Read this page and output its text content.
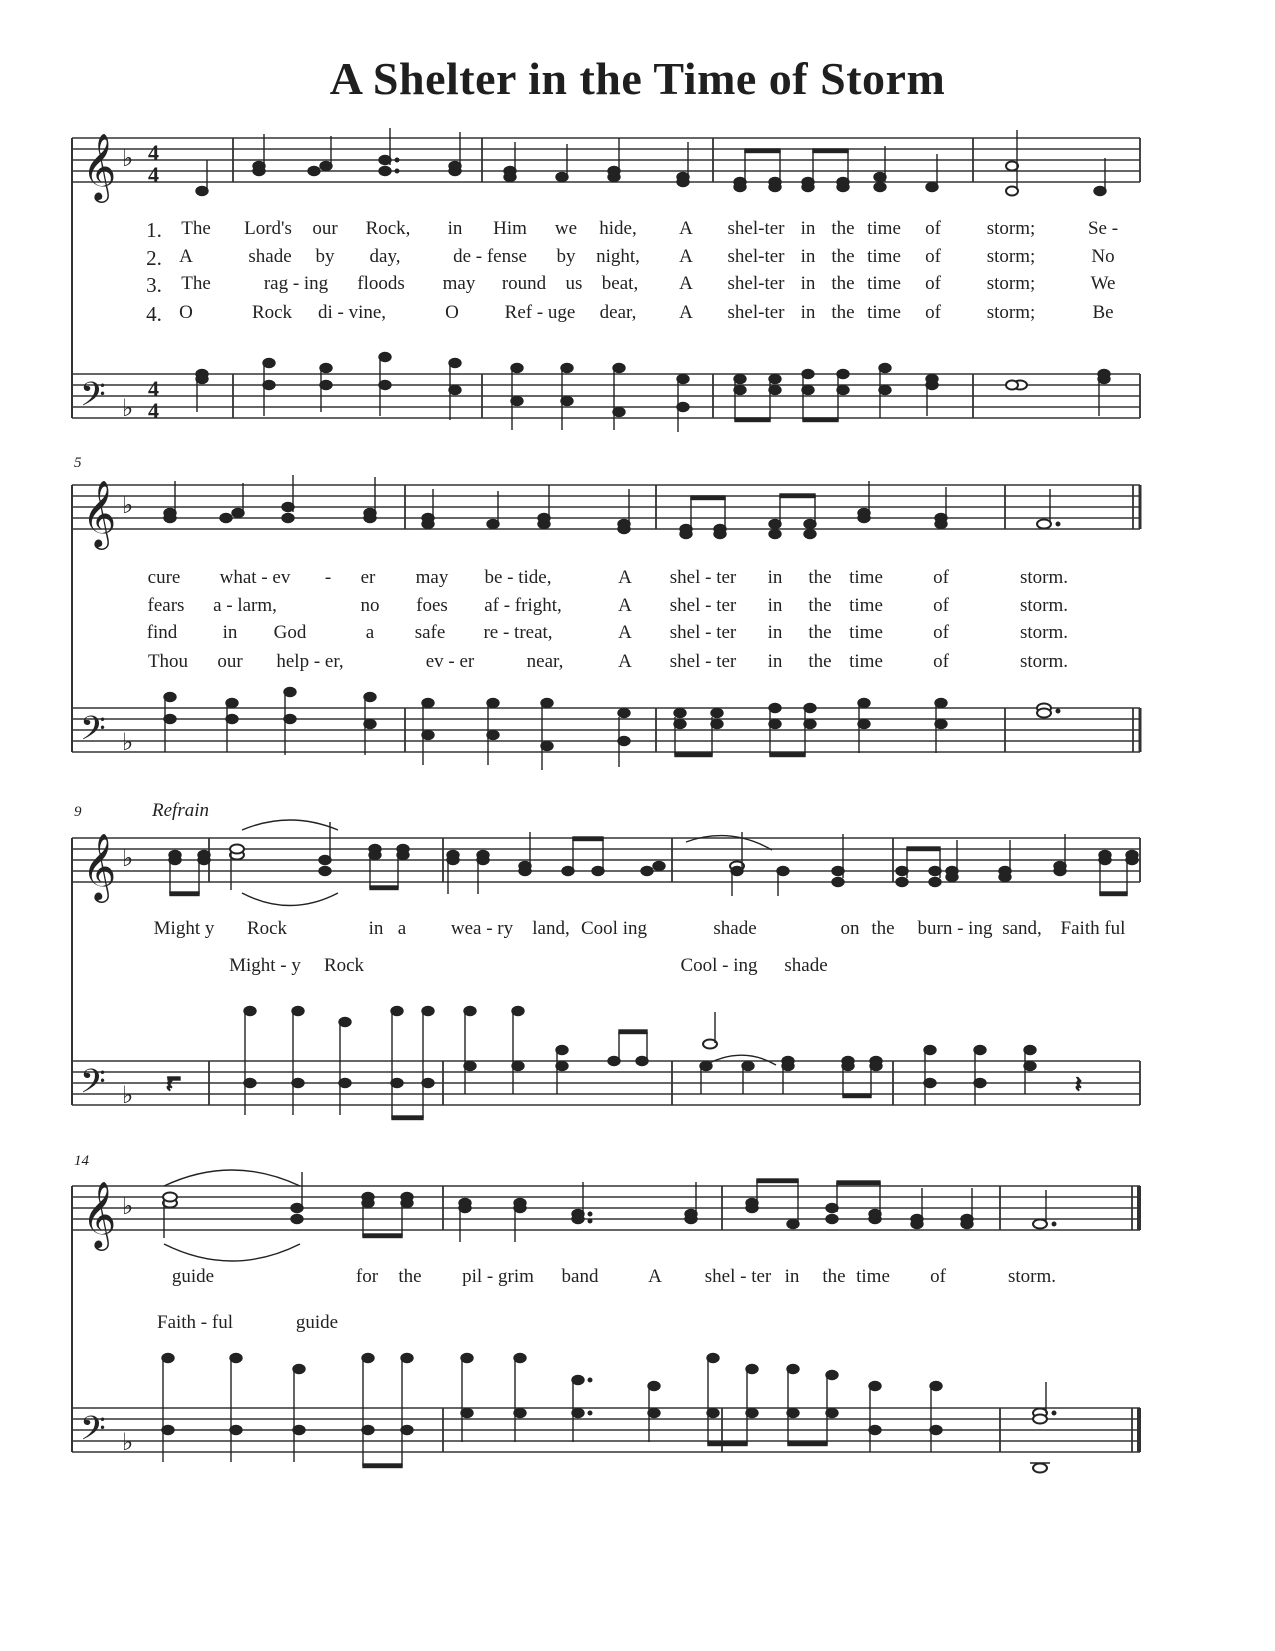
A Shelter in the Time of Storm
𝄞 ♭ 4
4
𝄢 ♭
4
4
1. The Lord's our Rock, in Him we hide, A shel-ter in the time of storm;	Se -
2. A	shade by day,	de - fense by night, A shel-ter in the time of storm;	No
3. The	rag - ing floods may round us beat, A shel-ter in the time of storm;	We
4. O	Rock di - vine,	O Ref - uge dear, A shel-ter in the time of storm;	Be
5
𝄞 ♭
𝄢 ♭
cure what - ev - er may be - tide,	A shel - ter in the time	of	storm.
fears a - larm,	no foes af - fright,	A shel - ter in the time	of	storm.
find in God	a safe re - treat,	A shel - ter in the time	of	storm.
Thou our help - er,	ev - er	near,	A shel - ter in the time	of	storm.
9	Refrain
𝄞 ♭
𝄢 ♭ 𝄽	𝄽
Might y Rock	in a wea - ry land, Cool ing	shade	on the burn - ing sand, Faith ful
Might - y Rock	Cool - ing shade
14
𝄞 ♭
𝄢 ♭
guide	for the pil - grim band	A shel - ter in the time of	storm.
Faith - ful	guide
